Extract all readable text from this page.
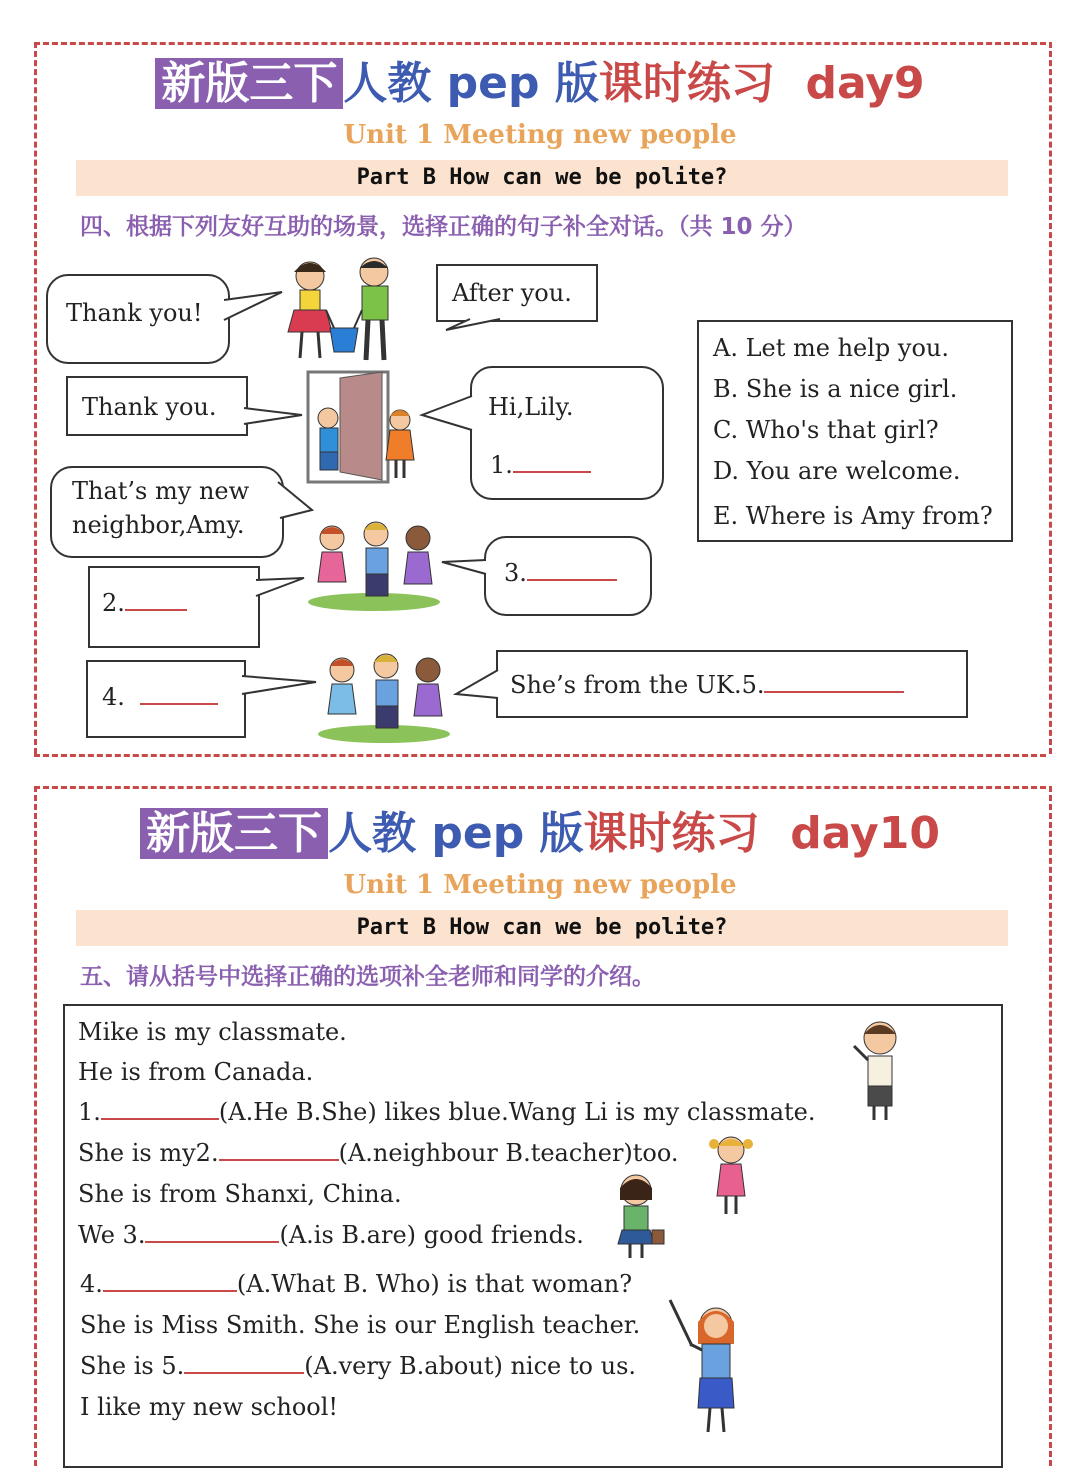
新版三下 人教 pep 版课时练习 day9
Unit 1 Meeting new people
Part B How can we be polite?
四、根据下列友好互助的场景，选择正确的句子补全对话。（共 10 分）
Thank you!
After you.
A. Let me help you.
B. She is a nice girl.
C. Who's that girl?
D. You are welcome.
E. Where is Amy from?
Thank you.	Hi,Lily.
1.
That’s my new
neighbor,Amy.
2.
3.
4.	She’s from the UK.5.
新版三下 人教 pep 版课时练习 day10
Unit 1 Meeting new people
Part B How can we be polite?
五、请从括号中选择正确的选项补全老师和同学的介绍。
Mike is my classmate.
He is from Canada.
1.	(A.He B.She) likes blue.Wang Li is my classmate.
She is my2.	(A.neighbour B.teacher)too.
She is from Shanxi, China.
We 3.	(A.is B.are) good friends.
4.	(A.What B. Who) is that woman?
She is Miss Smith. She is our English teacher.
She is 5.	(A.very B.about) nice to us.
I like my new school!
